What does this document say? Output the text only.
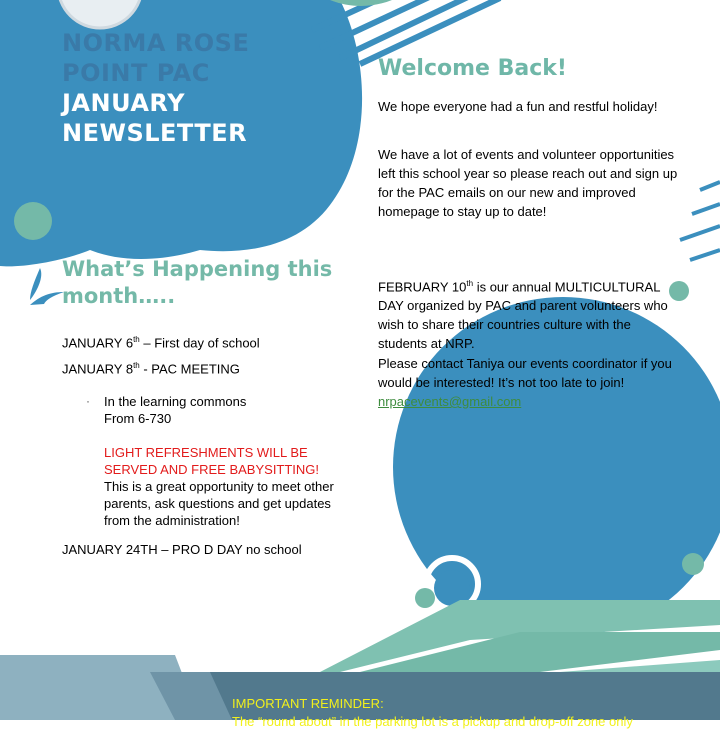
NORMA ROSE
POINT PAC
JANUARY
NEWSLETTER
Welcome Back!
We hope everyone had a fun and restful holiday!
We have a lot of events and volunteer opportunities left this school year so please reach out and sign up for the PAC emails on our new and improved homepage to stay up to date!
FEBRUARY 10th is our annual MULTICULTURAL DAY organized by PAC and parent volunteers who wish to share their countries culture with the students at NRP.
Please contact Taniya our events coordinator if you would be interested! It’s not too late to join! nrpacevents@gmail.com
What’s Happening this month…..
JANUARY 6th – First day of school
JANUARY 8th - PAC MEETING
· In the learning commons
From 6-730
LIGHT REFRESHMENTS WILL BE SERVED AND FREE BABYSITTING!
This is a great opportunity to meet other parents, ask questions and get updates from the administration!
JANUARY 24TH – PRO D DAY no school
IMPORTANT REMINDER:
The “round about” in the parking lot is a pickup and drop-off zone only
